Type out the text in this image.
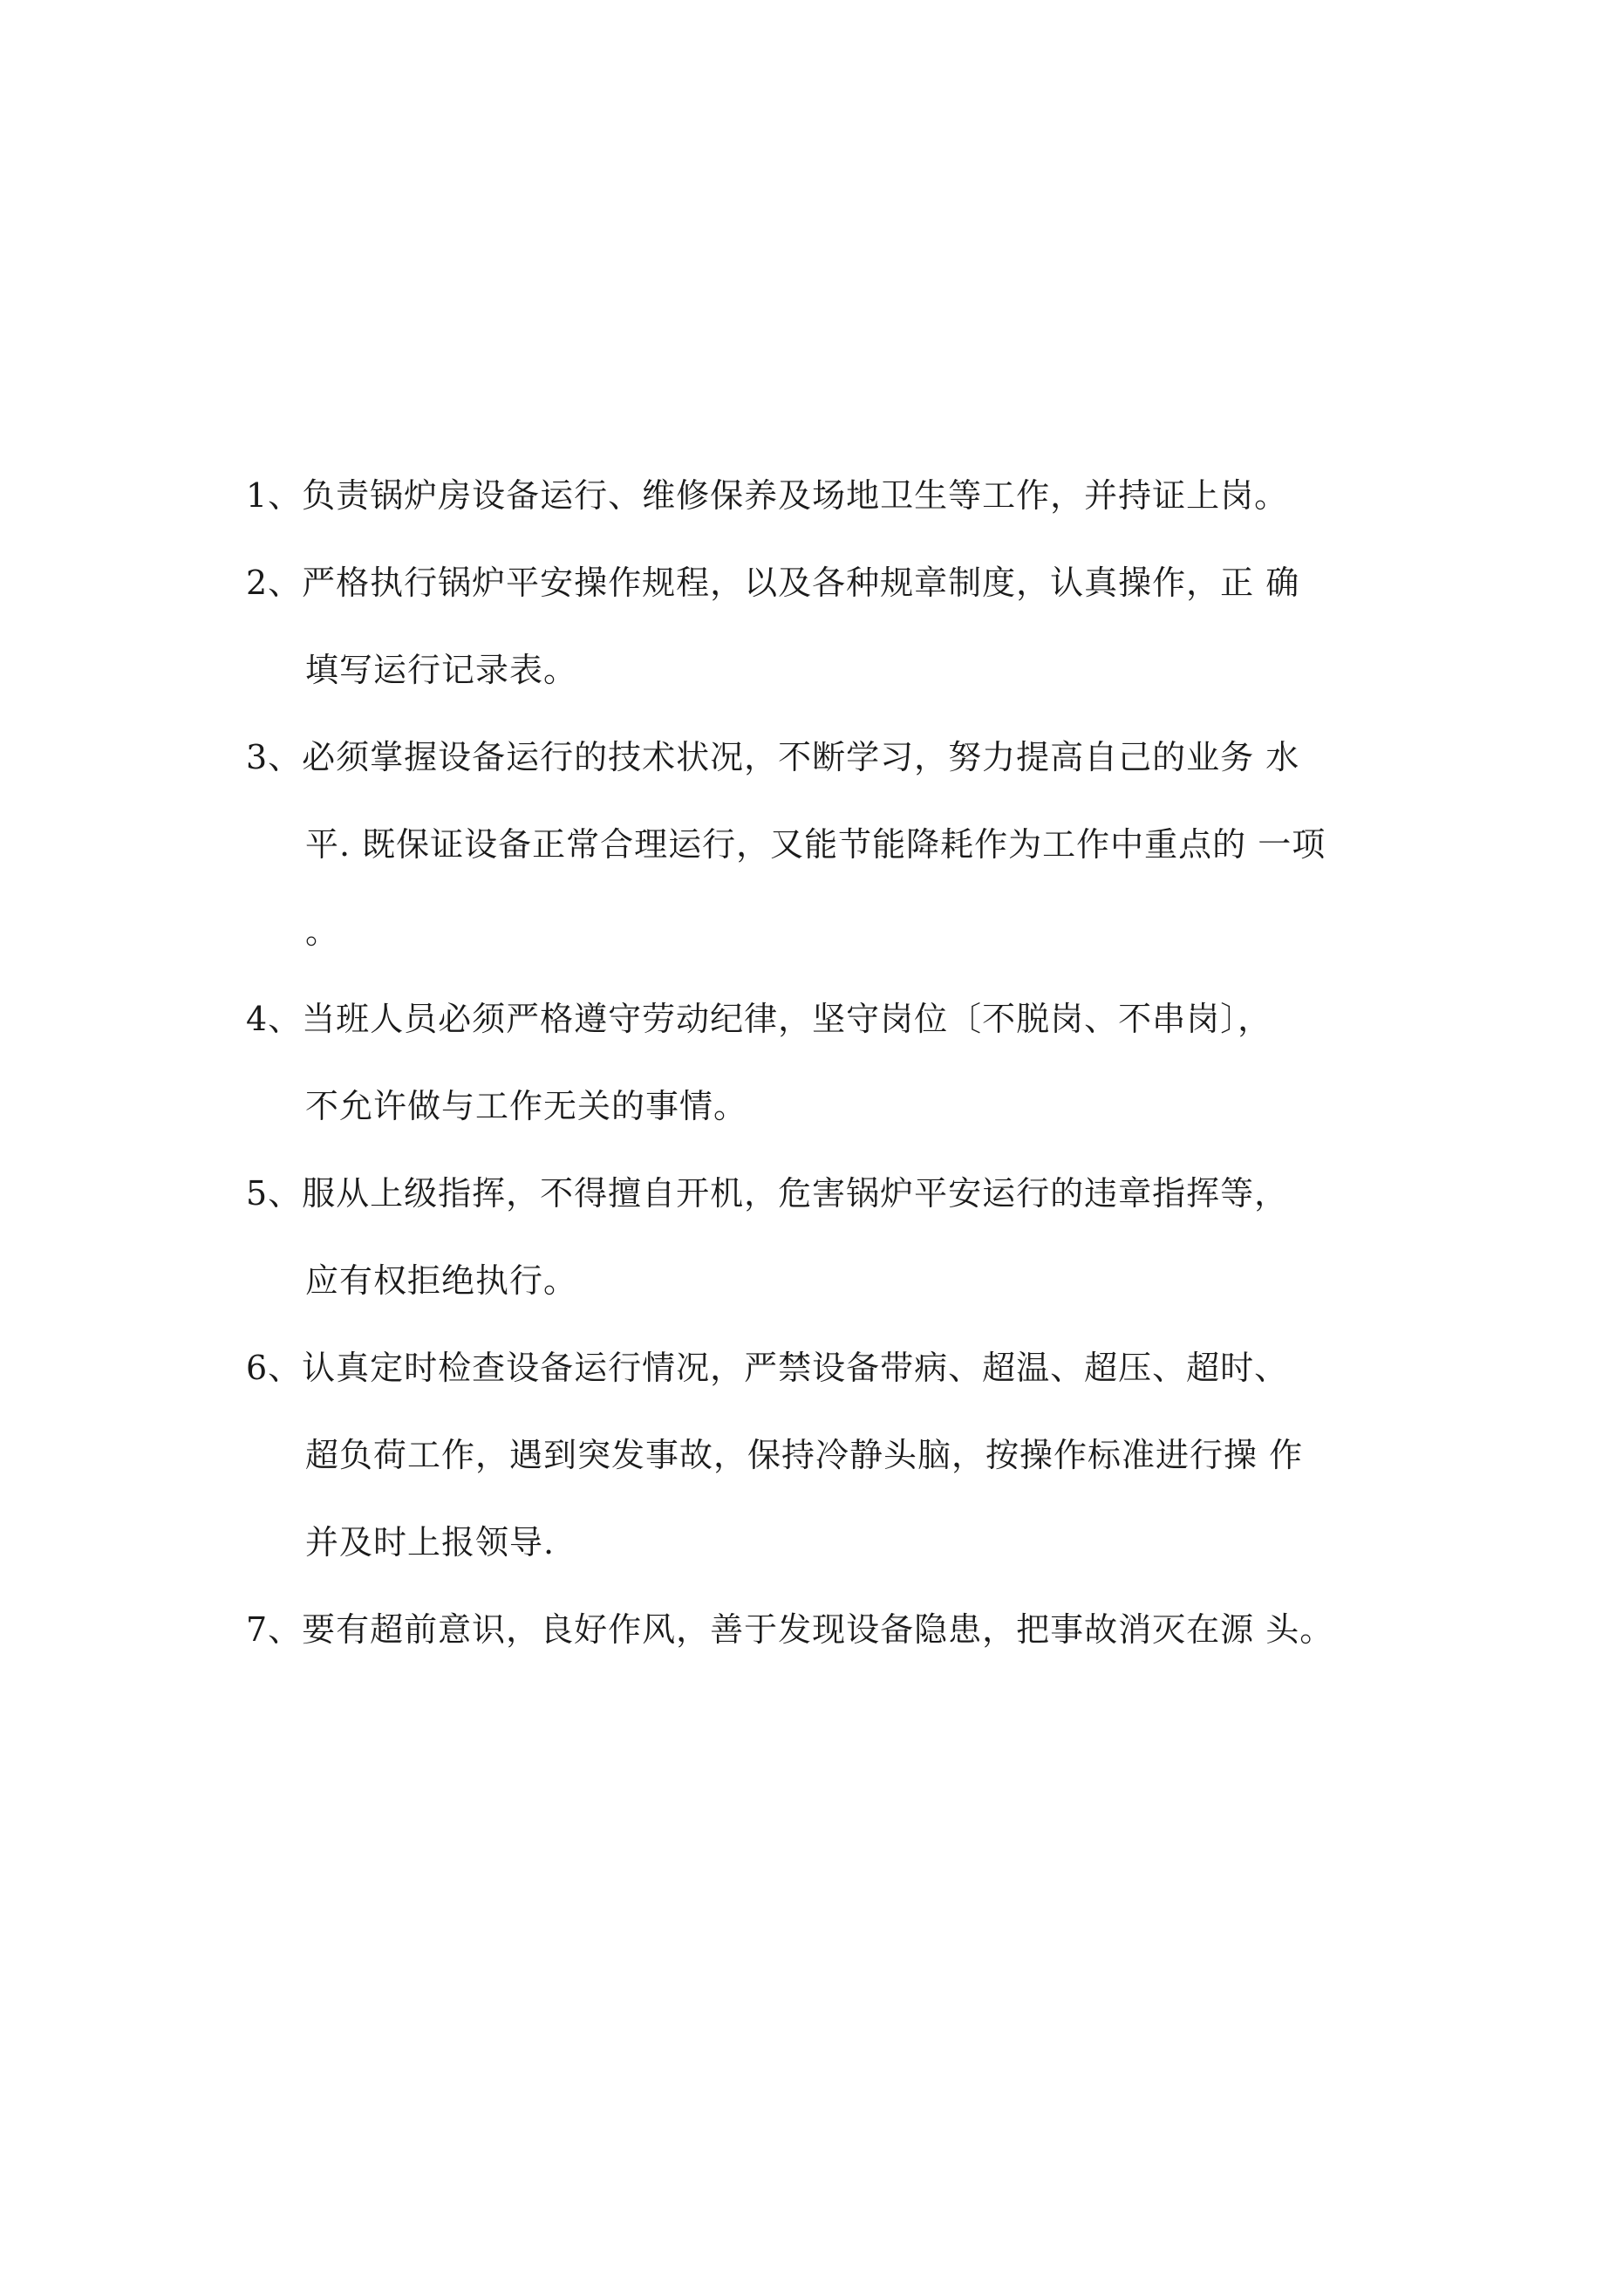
1、负责锅炉房设备运行、维修保养及场地卫生等工作，并持证上岗。
2、严格执行锅炉平安操作规程，以及各种规章制度，认真操作，正 确
填写运行记录表。
3、必须掌握设备运行的技术状况，不断学习，努力提高自己的业务 水
平. 既保证设备正常合理运行，又能节能降耗作为工作中重点的 一项
。
4、当班人员必须严格遵守劳动纪律，坚守岗位〔不脱岗、不串岗〕，
不允许做与工作无关的事情。
5、服从上级指挥，不得擅自开机，危害锅炉平安运行的违章指挥等，
应有权拒绝执行。
6、认真定时检查设备运行情况，严禁设备带病、超温、超压、超时、
超负荷工作，遇到突发事故，保持冷静头脑，按操作标准进行操 作
并及时上报领导.
7、要有超前意识，良好作风，善于发现设备隐患，把事故消灭在源 头。
